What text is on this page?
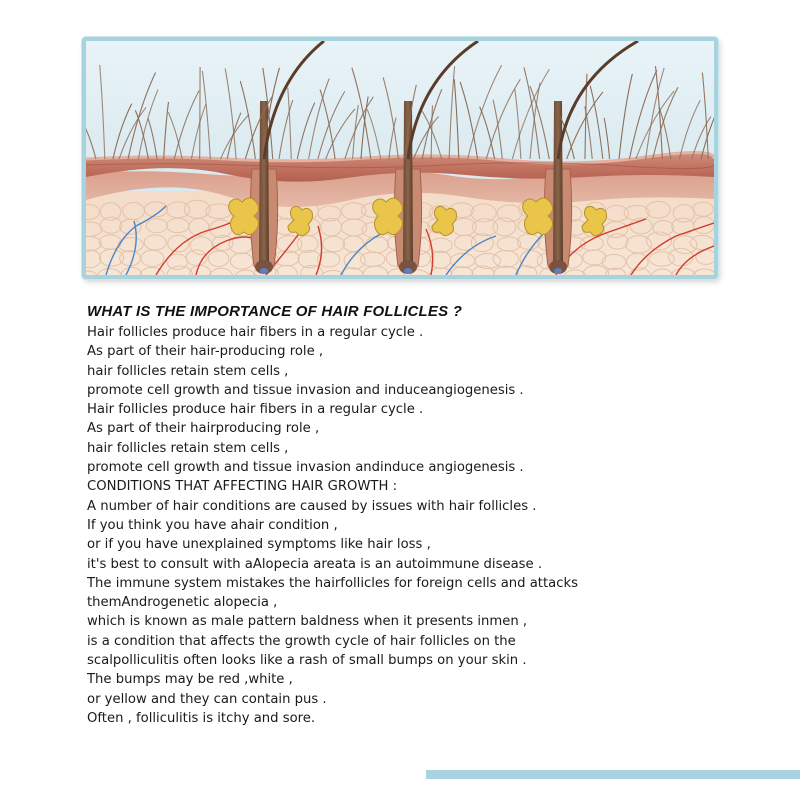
WHAT IS THE IMPORTANCE OF HAIR FOLLICLES ?
Hair follicles produce hair fibers in a regular cycle .
As part of their hair-producing role ,
hair follicles retain stem cells ,
promote cell growth and tissue invasion and induceangiogenesis .
Hair follicles produce hair fibers in a regular cycle .
As part of their hairproducing role ,
hair follicles retain stem cells ,
promote cell growth and tissue invasion andinduce angiogenesis .
CONDITIONS THAT AFFECTING HAIR GROWTH :
A number of hair conditions are caused by issues with hair follicles .
If you think you have ahair condition ,
or if you have unexplained symptoms like hair loss ,
it's best to consult with aAlopecia areata is an autoimmune disease .
The immune system mistakes the hairfollicles for foreign cells and attacks
themAndrogenetic alopecia ,
which is known as male pattern baldness when it presents inmen ,
is a condition that affects the growth cycle of hair follicles on the
scalpolliculitis often looks like a rash of small bumps on your skin .
The bumps may be red ,white ,
or yellow and they can contain pus .
Often , folliculitis is itchy and sore.
